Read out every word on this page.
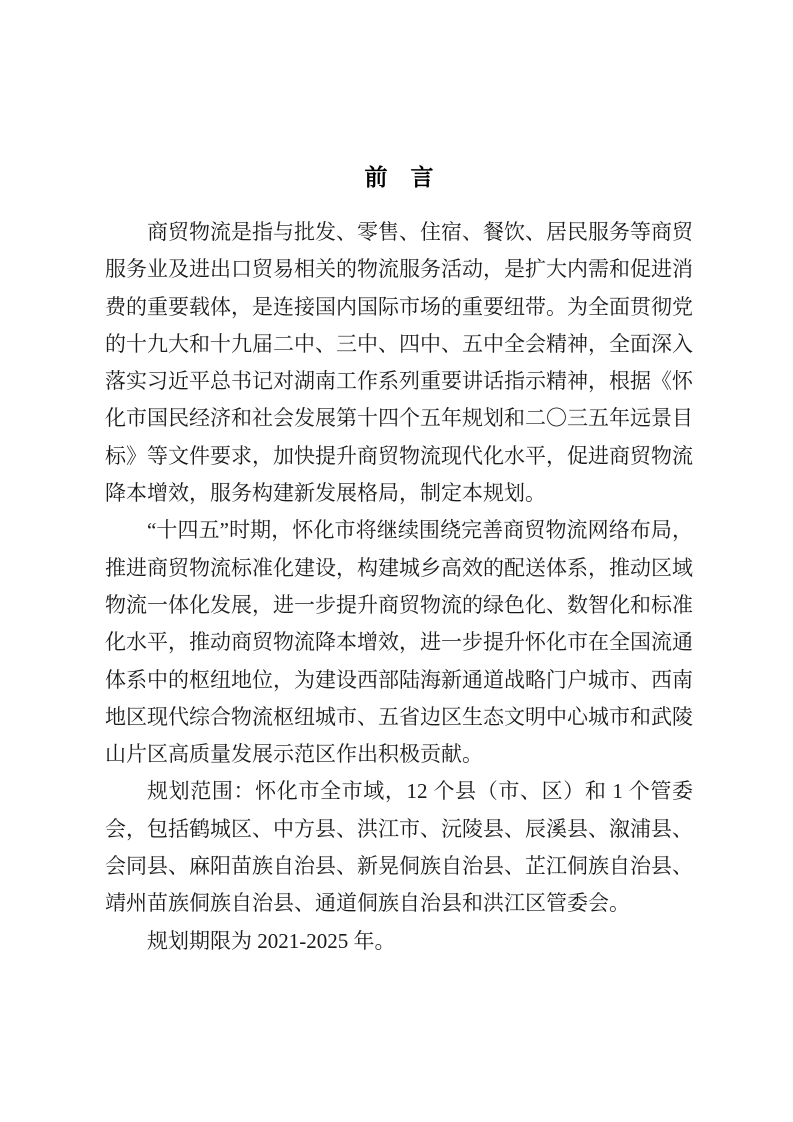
前　言

商贸物流是指与批发、零售、住宿、餐饮、居民服务等商贸服务业及进出口贸易相关的物流服务活动，是扩大内需和促进消费的重要载体，是连接国内国际市场的重要纽带。为全面贯彻党的十九大和十九届二中、三中、四中、五中全会精神，全面深入落实习近平总书记对湖南工作系列重要讲话指示精神，根据《怀化市国民经济和社会发展第十四个五年规划和二〇三五年远景目标》等文件要求，加快提升商贸物流现代化水平，促进商贸物流降本增效，服务构建新发展格局，制定本规划。

“十四五”时期，怀化市将继续围绕完善商贸物流网络布局，推进商贸物流标准化建设，构建城乡高效的配送体系，推动区域物流一体化发展，进一步提升商贸物流的绿色化、数智化和标准化水平，推动商贸物流降本增效，进一步提升怀化市在全国流通体系中的枢纽地位，为建设西部陆海新通道战略门户城市、西南地区现代综合物流枢纽城市、五省边区生态文明中心城市和武陵山片区高质量发展示范区作出积极贡献。

规划范围：怀化市全市域，12 个县（市、区）和 1 个管委会，包括鹤城区、中方县、洪江市、沅陵县、辰溪县、溆浦县、会同县、麻阳苗族自治县、新晃侗族自治县、芷江侗族自治县、靖州苗族侗族自治县、通道侗族自治县和洪江区管委会。

规划期限为 2021-2025 年。
